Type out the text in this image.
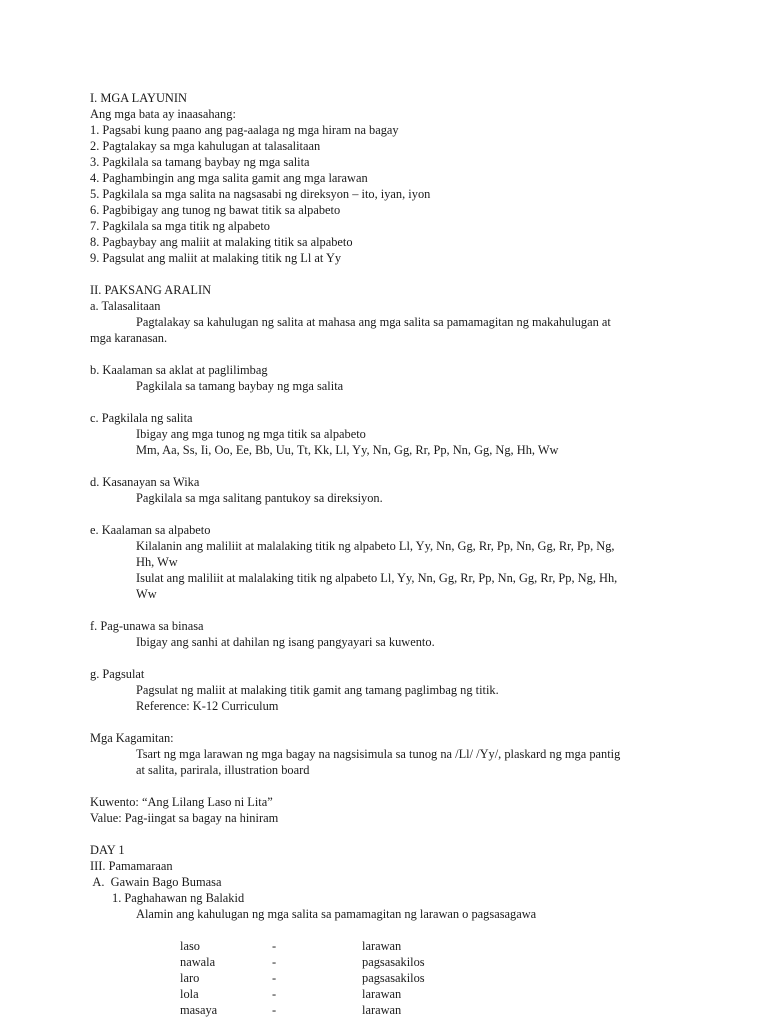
I. MGA LAYUNIN
Ang mga bata ay inaasahang:
1. Pagsabi kung paano ang pag-aalaga ng mga hiram na bagay
2. Pagtalakay sa mga kahulugan at talasalitaan
3. Pagkilala sa tamang baybay ng mga salita
4. Paghambingin ang mga salita gamit ang mga larawan
5. Pagkilala sa mga salita na nagsasabi ng direksyon – ito, iyan, iyon
6. Pagbibigay ang tunog ng bawat titik sa alpabeto
7. Pagkilala sa mga titik ng alpabeto
8. Pagbaybay ang maliit at malaking titik sa alpabeto
9. Pagsulat ang maliit at malaking titik ng Ll at Yy
II. PAKSANG ARALIN
a. Talasalitaan
Pagtalakay sa kahulugan ng salita at mahasa ang mga salita sa pamamagitan ng makahulugan at
mga karanasan.
b. Kaalaman sa aklat at paglilimbag
Pagkilala sa tamang baybay ng mga salita
c. Pagkilala ng salita
Ibigay ang mga tunog ng mga titik sa alpabeto
Mm, Aa, Ss, Ii, Oo, Ee, Bb, Uu, Tt, Kk, Ll, Yy, Nn, Gg, Rr, Pp, Nn, Gg, Ng, Hh, Ww
d. Kasanayan sa Wika
Pagkilala sa mga salitang pantukoy sa direksiyon.
e. Kaalaman sa alpabeto
Kilalanin ang maliliit at malalaking titik ng alpabeto Ll, Yy, Nn, Gg, Rr, Pp, Nn, Gg, Rr, Pp, Ng,
Hh, Ww
Isulat ang maliliit at malalaking titik ng alpabeto Ll, Yy, Nn, Gg, Rr, Pp, Nn, Gg, Rr, Pp, Ng, Hh,
Ww
f. Pag-unawa sa binasa
Ibigay ang sanhi at dahilan ng isang pangyayari sa kuwento.
g. Pagsulat
Pagsulat ng maliit at malaking titik gamit ang tamang paglimbag ng titik.
Reference: K-12 Curriculum
Mga Kagamitan:
Tsart ng mga larawan ng mga bagay na nagsisimula sa tunog na /Ll/ /Yy/, plaskard ng mga pantig
at salita, parirala, illustration board
Kuwento: “Ang Lilang Laso ni Lita”
Value: Pag-iingat sa bagay na hiniram
DAY 1
III. Pamamaraan
A.  Gawain Bago Bumasa
1. Paghahawan ng Balakid
Alamin ang kahulugan ng mga salita sa pamamagitan ng larawan o pagsasagawa
laso	-	larawan
nawala	-	pagsasakilos
laro	-	pagsasakilos
lola	-	larawan
masaya	-	larawan
